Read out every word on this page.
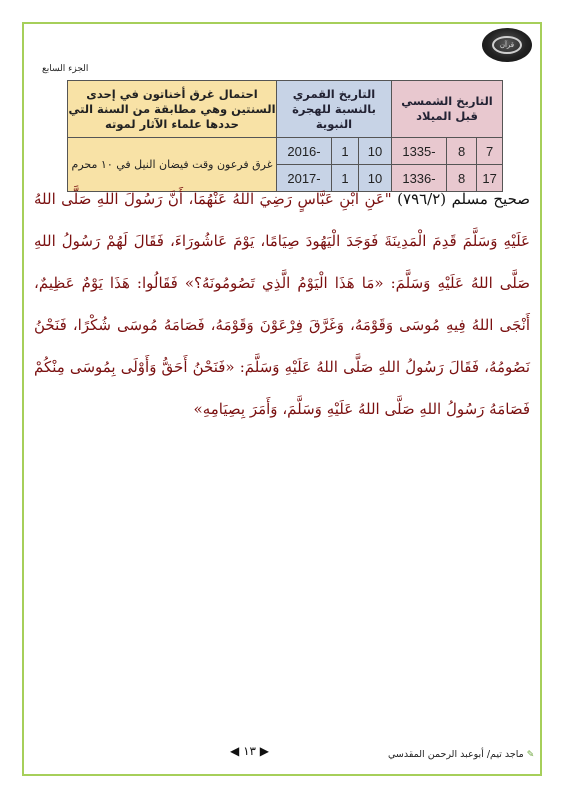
قرآن
الجزء السابع
التاريخ الشمسي قبل الميلاد			التاريخ القمري بالنسبة للهجرة النبوية			احتمال غرق أخناتون في إحدى السنتين وهي مطابقة من السنة التي حددها علماء الآثار لموته
7	8	-1335	10	1	-2016	غرق فرعون وقت فيضان النيل في ١٠ محرم
17	8	-1336	10	1	-2017	

صحيح مسلم (٧٩٦/٢) "عَنِ ابْنِ عَبَّاسٍ رَضِيَ اللهُ عَنْهُمَا، أَنَّ رَسُولَ اللهِ صَلَّى اللهُ عَلَيْهِ وَسَلَّمَ قَدِمَ الْمَدِينَةَ فَوَجَدَ الْيَهُودَ صِيَامًا، يَوْمَ عَاشُورَاءَ، فَقَالَ لَهُمْ رَسُولُ اللهِ صَلَّى اللهُ عَلَيْهِ وَسَلَّمَ: «مَا هَذَا الْيَوْمُ الَّذِي تَصُومُونَهُ؟» فَقَالُوا: هَذَا يَوْمٌ عَظِيمٌ، أَنْجَى اللهُ فِيهِ مُوسَى وَقَوْمَهُ، وَغَرَّقَ فِرْعَوْنَ وَقَوْمَهُ، فَصَامَهُ مُوسَى شُكْرًا، فَنَحْنُ نَصُومُهُ، فَقَالَ رَسُولُ اللهِ صَلَّى اللهُ عَلَيْهِ وَسَلَّمَ: «فَنَحْنُ أَحَقُّ وَأَوْلَى بِمُوسَى مِنْكُمْ فَصَامَهُ رَسُولُ اللهِ صَلَّى اللهُ عَلَيْهِ وَسَلَّمَ، وَأَمَرَ بِصِيَامِهِ»

◀ ١٣ ▶	✎ماجد تيم/ أبوعبد الرحمن المقدسي
